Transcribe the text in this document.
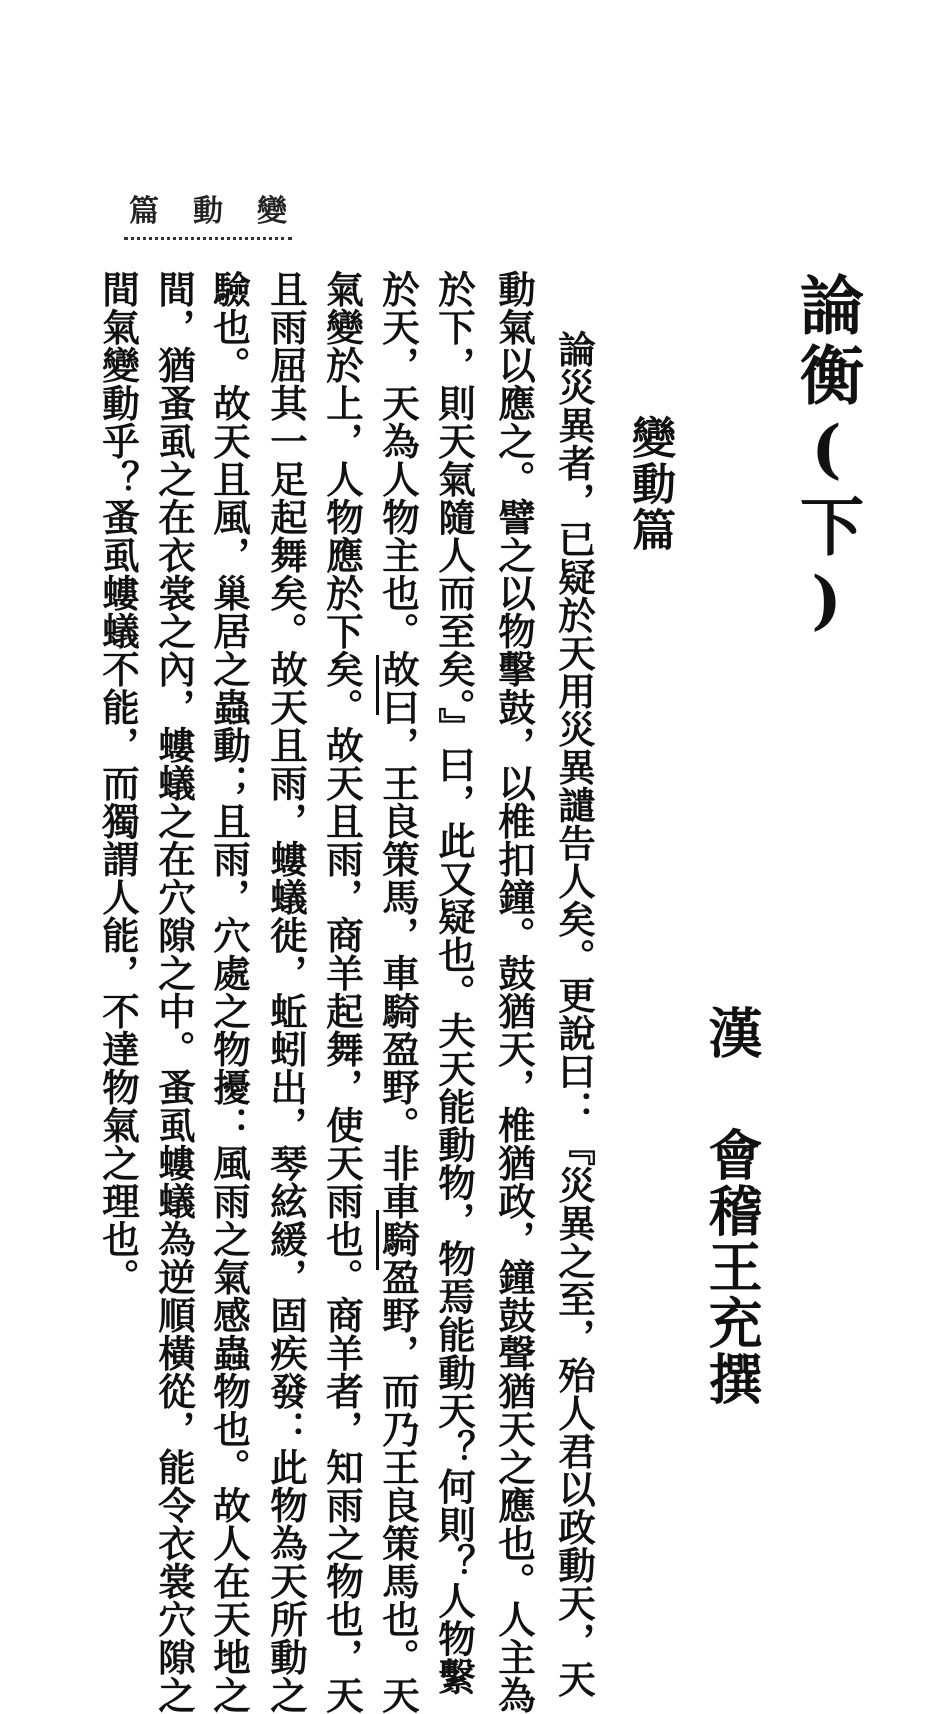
論衡(下)
漢 會稽王充撰
變動篇
篇 動 變
論災異者，已疑於天用災異譴告人矣。更說曰：『災異之至，殆人君以政動天，天
動氣以應之。譬之以物擊鼓，以椎扣鐘。鼓猶天，椎猶政，鐘鼓聲猶天之應也。人主為
於下，則天氣隨人而至矣。』曰，此又疑也。夫天能動物，物焉能動天？何則？人物繫
於天，天為人物主也。故曰，王良策馬，車騎盈野。非車騎盈野，而乃王良策馬也。天
氣變於上，人物應於下矣。故天且雨，商羊起舞，使天雨也。商羊者，知雨之物也，天
且雨屈其一足起舞矣。故天且雨，螻蟻徙，蚯蚓出，琴絃緩，固疾發：此物為天所動之
驗也。故天且風，巢居之蟲動；且雨，穴處之物擾：風雨之氣感蟲物也。故人在天地之
間，猶蚤虱之在衣裳之內，螻蟻之在穴隙之中。蚤虱螻蟻為逆順橫從，能令衣裳穴隙之
間氣變動乎？蚤虱螻蟻不能，而獨謂人能，不達物氣之理也。
